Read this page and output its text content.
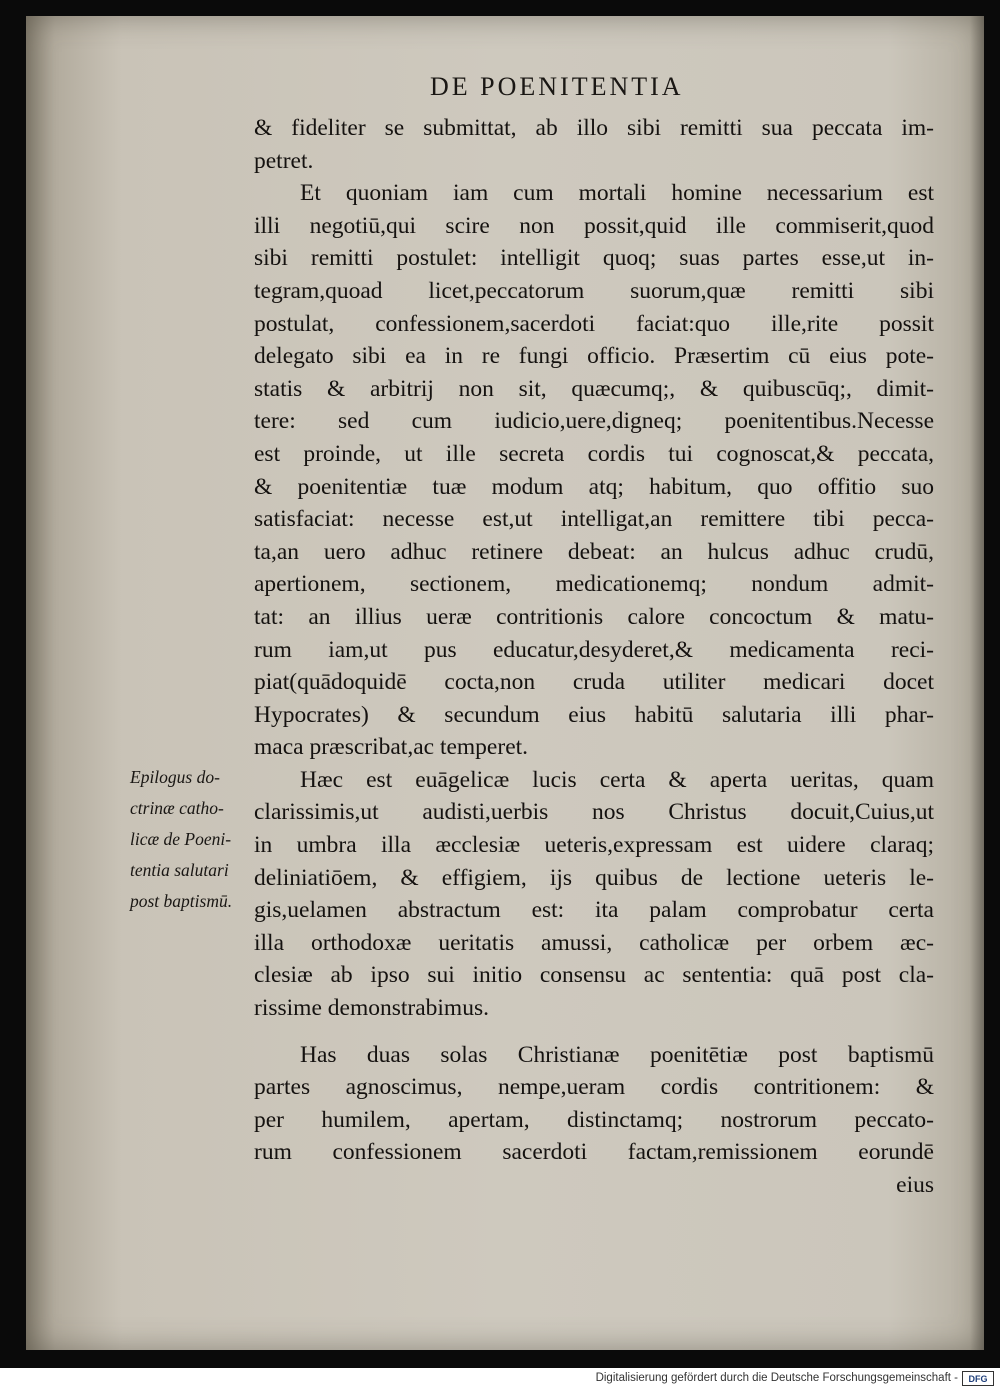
DE POENITENTIA
& fideliter se submittat, ab illo sibi remitti sua peccata im-
petret.
Et quoniam iam cum mortali homine necessarium est
illi negotiū,qui scire non possit,quid ille commiserit,quod
sibi remitti postulet: intelligit quoq; suas partes esse,ut in-
tegram,quoad licet,peccatorum suorum,quæ remitti sibi
postulat, confessionem,sacerdoti faciat:quo ille,rite possit
delegato sibi ea in re fungi officio. Præsertim cū eius pote-
statis & arbitrij non sit, quæcumq;, & quibuscūq;, dimit-
tere: sed cum iudicio,uere,digneq; poenitentibus.Necesse
est proinde, ut ille secreta cordis tui cognoscat,& peccata,
& poenitentiæ tuæ modum atq; habitum, quo offitio suo
satisfaciat: necesse est,ut intelligat,an remittere tibi pecca-
ta,an uero adhuc retinere debeat: an hulcus adhuc crudū,
apertionem, sectionem, medicationemq; nondum admit-
tat: an illius ueræ contritionis calore concoctum & matu-
rum iam,ut pus educatur,desyderet,& medicamenta reci-
piat(quādoquidē cocta,non cruda utiliter medicari docet
Hypocrates) & secundum eius habitū salutaria illi phar-
maca præscribat,ac temperet.
Hæc est euāgelicæ lucis certa & aperta ueritas, quam
clarissimis,ut audisti,uerbis nos Christus docuit,Cuius,ut
in umbra illa æcclesiæ ueteris,expressam est uidere claraq;
deliniatiōem, & effigiem, ijs quibus de lectione ueteris le-
gis,uelamen abstractum est: ita palam comprobatur certa
illa orthodoxæ ueritatis amussi, catholicæ per orbem æc-
clesiæ ab ipso sui initio consensu ac sententia: quā post cla-
rissime demonstrabimus.
Has duas solas Christianæ poenitētiæ post baptismū
partes agnoscimus, nempe,ueram cordis contritionem: &
per humilem, apertam, distinctamq; nostrorum peccato-
rum confessionem sacerdoti factam,remissionem eorundē
eius
Epilogus do-
ctrinæ catho-
licæ de Poeni-
tentia salutari
post baptismū.
Digitalisierung gefördert durch die Deutsche Forschungsgemeinschaft -	DFG
